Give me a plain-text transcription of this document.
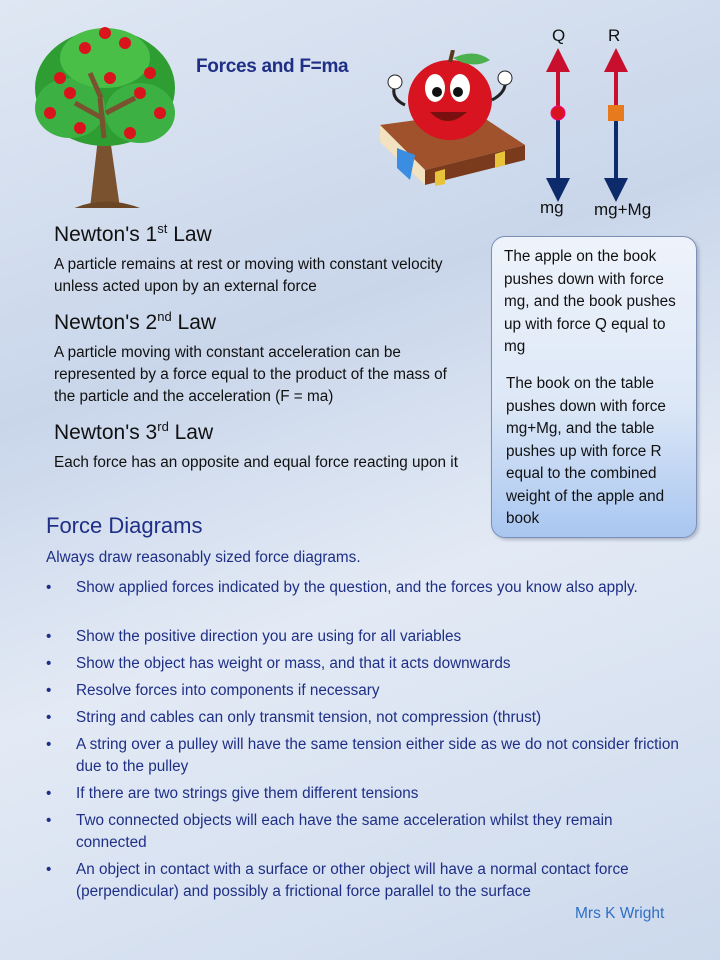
Forces and F=ma
Q	R
mg mg+Mg
Newton's 1st Law
A particle remains at rest or moving with constant velocity unless acted upon by an external force
Newton's 2nd Law
A particle moving with constant acceleration can be represented by a force equal to the product of the mass of the particle and the acceleration (F = ma)
Newton's 3rd Law
Each force has an opposite and equal force reacting upon it
The apple on the book pushes down with force mg, and the book pushes up with force Q equal to mg
The book on the table pushes down with force mg+Mg, and the table pushes up with force R equal to the combined weight of the apple and book
Force Diagrams
Always draw reasonably sized force diagrams.
• Show applied forces indicated by the question, and the forces you know also apply.
• Show the positive direction you are using for all variables
• Show the object has weight or mass, and that it acts downwards
• Resolve forces into components if necessary
• String and cables can only transmit tension, not compression (thrust)
• A string over a pulley will have the same tension either side as we do not consider friction due to the pulley
• If there are two strings give them different tensions
• Two connected objects will each have the same acceleration whilst they remain connected
• An object in contact with a surface or other object will have a normal contact force (perpendicular) and possibly a frictional force parallel to the surface
Mrs K Wright
